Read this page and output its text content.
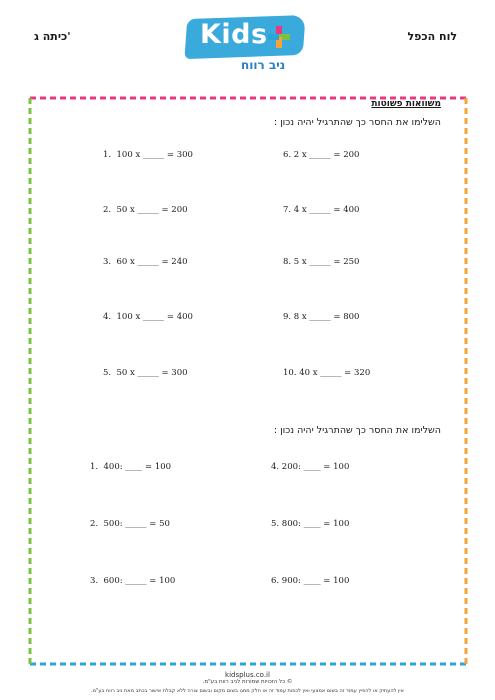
כיתה ג'	לוח הכפל
Kids
ניב רווח
משוואות פשוטות
השלימו את החסר כך שהתרגיל יהיה נכון :
1.  100 x _____ = 300
2.  50 x _____ = 200
3.  60 x _____ = 240
4.  100 x _____ = 400
5.  50 x _____ = 300
6. 2 x _____ = 200
7. 4 x _____ = 400
8. 5 x _____ = 250
9. 8 x _____ = 800
10. 40 x _____ = 320
השלימו את החסר כך שהתרגיל יהיה נכון :
1.  400: ____ = 100
2.  500: _____ = 50
3.  600: _____ = 100
4. 200: ____ = 100
5. 800: ____ = 100
6. 900: ____ = 100
kidsplus.co.il
© כל הזכויות שמורות לניב רווח בע"מ.
אין להעתיק או להפיץ עמוד זה בשום אמצעי ואין לכסות עמוד זה או חלק ממנו בשום מקום ובשום צורה ללא קבלת אישור בכתב מאת ניב רווח בע"מ.
